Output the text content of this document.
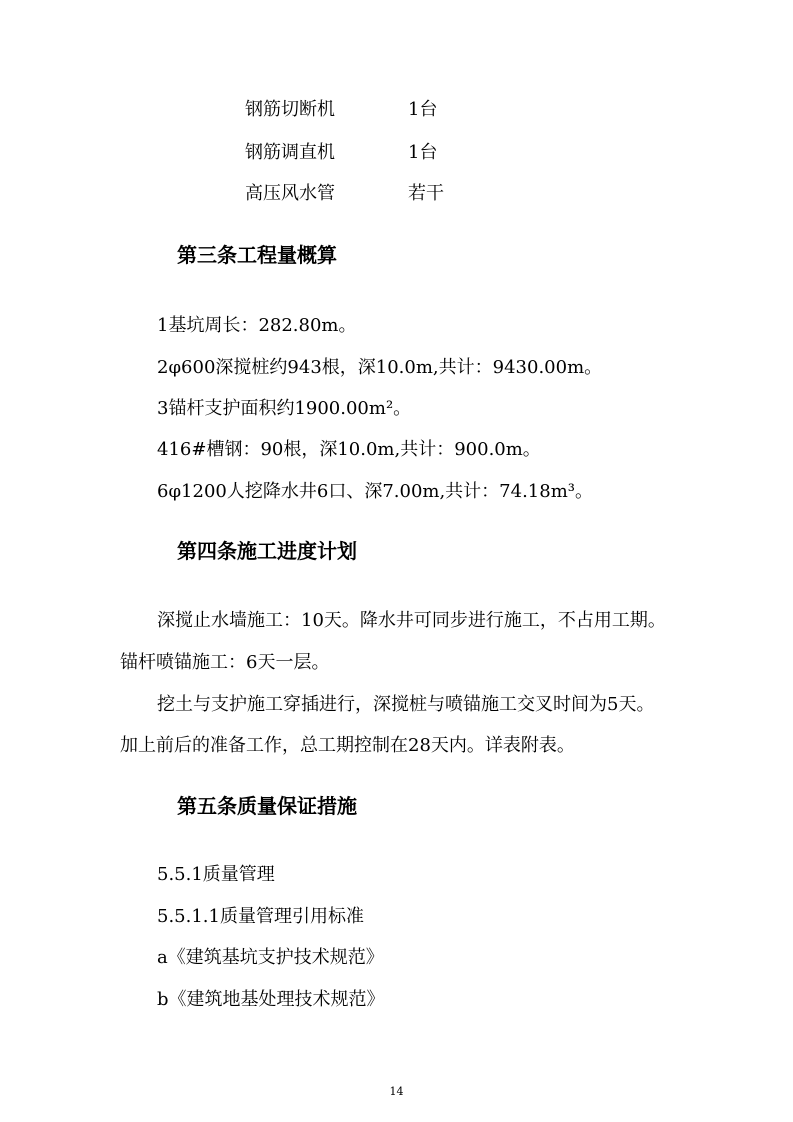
钢筋切断机	1台
钢筋调直机	1台
高压风水管	若干
第三条工程量概算
1基坑周长：282.80m。
2φ600深搅桩约943根，深10.0m,共计：9430.00m。
3锚杆支护面积约1900.00m²。
416#槽钢：90根，深10.0m,共计：900.0m。
6φ1200人挖降水井6口、深7.00m,共计：74.18m³。
第四条施工进度计划
深搅止水墙施工：10天。降水井可同步进行施工，不占用工期。
锚杆喷锚施工：6天一层。
挖土与支护施工穿插进行，深搅桩与喷锚施工交叉时间为5天。
加上前后的准备工作，总工期控制在28天内。详表附表。
第五条质量保证措施
5.5.1质量管理
5.5.1.1质量管理引用标准
a《建筑基坑支护技术规范》
b《建筑地基处理技术规范》
14
